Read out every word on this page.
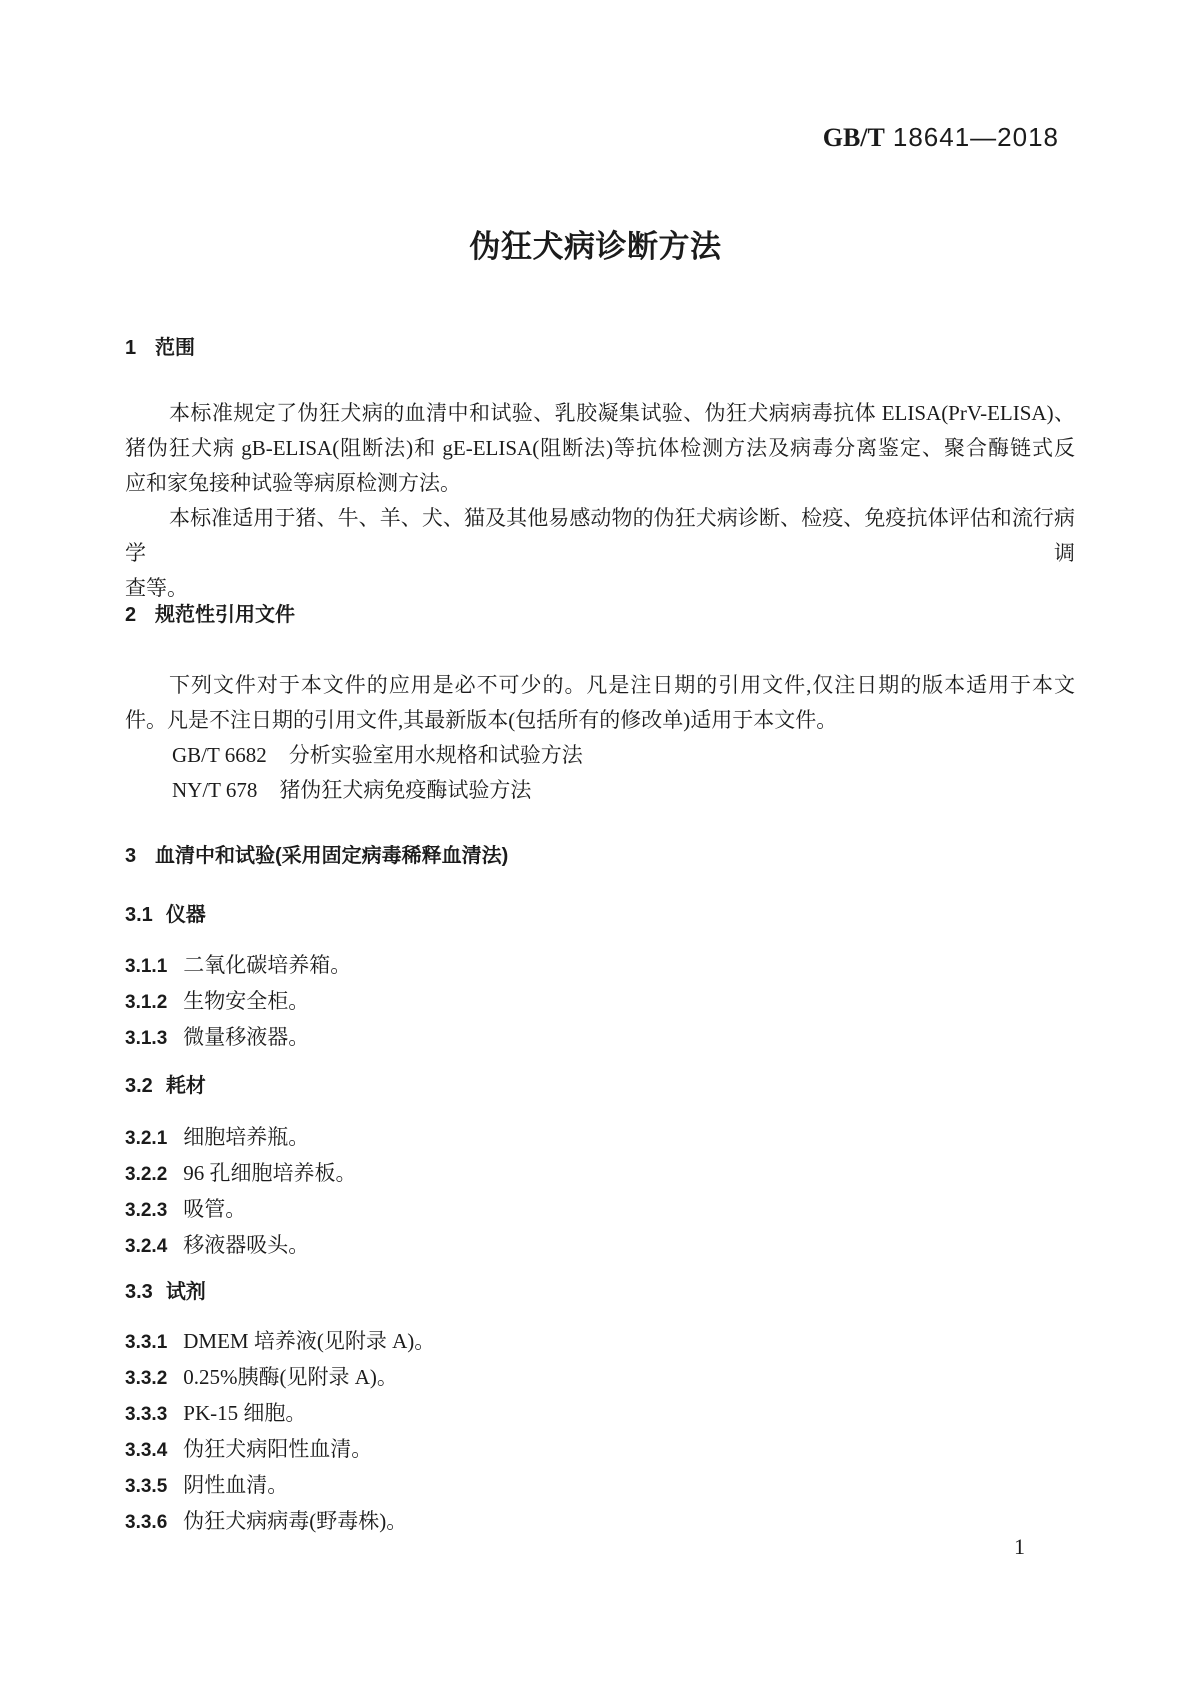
GB/T 18641—2018
伪狂犬病诊断方法
1 范围
本标准规定了伪狂犬病的血清中和试验、乳胶凝集试验、伪狂犬病病毒抗体 ELISA(PrV-ELISA)、
猪伪狂犬病 gB-ELISA(阻断法)和 gE-ELISA(阻断法)等抗体检测方法及病毒分离鉴定、聚合酶链式反
应和家兔接种试验等病原检测方法。
本标准适用于猪、牛、羊、犬、猫及其他易感动物的伪狂犬病诊断、检疫、免疫抗体评估和流行病学调
查等。
2 规范性引用文件
下列文件对于本文件的应用是必不可少的。凡是注日期的引用文件,仅注日期的版本适用于本文
件。凡是不注日期的引用文件,其最新版本(包括所有的修改单)适用于本文件。
GB/T 6682 分析实验室用水规格和试验方法
NY/T 678 猪伪狂犬病免疫酶试验方法
3 血清中和试验(采用固定病毒稀释血清法)
3.1 仪器
3.1.1 二氧化碳培养箱。
3.1.2 生物安全柜。
3.1.3 微量移液器。
3.2 耗材
3.2.1 细胞培养瓶。
3.2.2 96 孔细胞培养板。
3.2.3 吸管。
3.2.4 移液器吸头。
3.3 试剂
3.3.1 DMEM 培养液(见附录 A)。
3.3.2 0.25%胰酶(见附录 A)。
3.3.3 PK-15 细胞。
3.3.4 伪狂犬病阳性血清。
3.3.5 阴性血清。
3.3.6 伪狂犬病病毒(野毒株)。
1
